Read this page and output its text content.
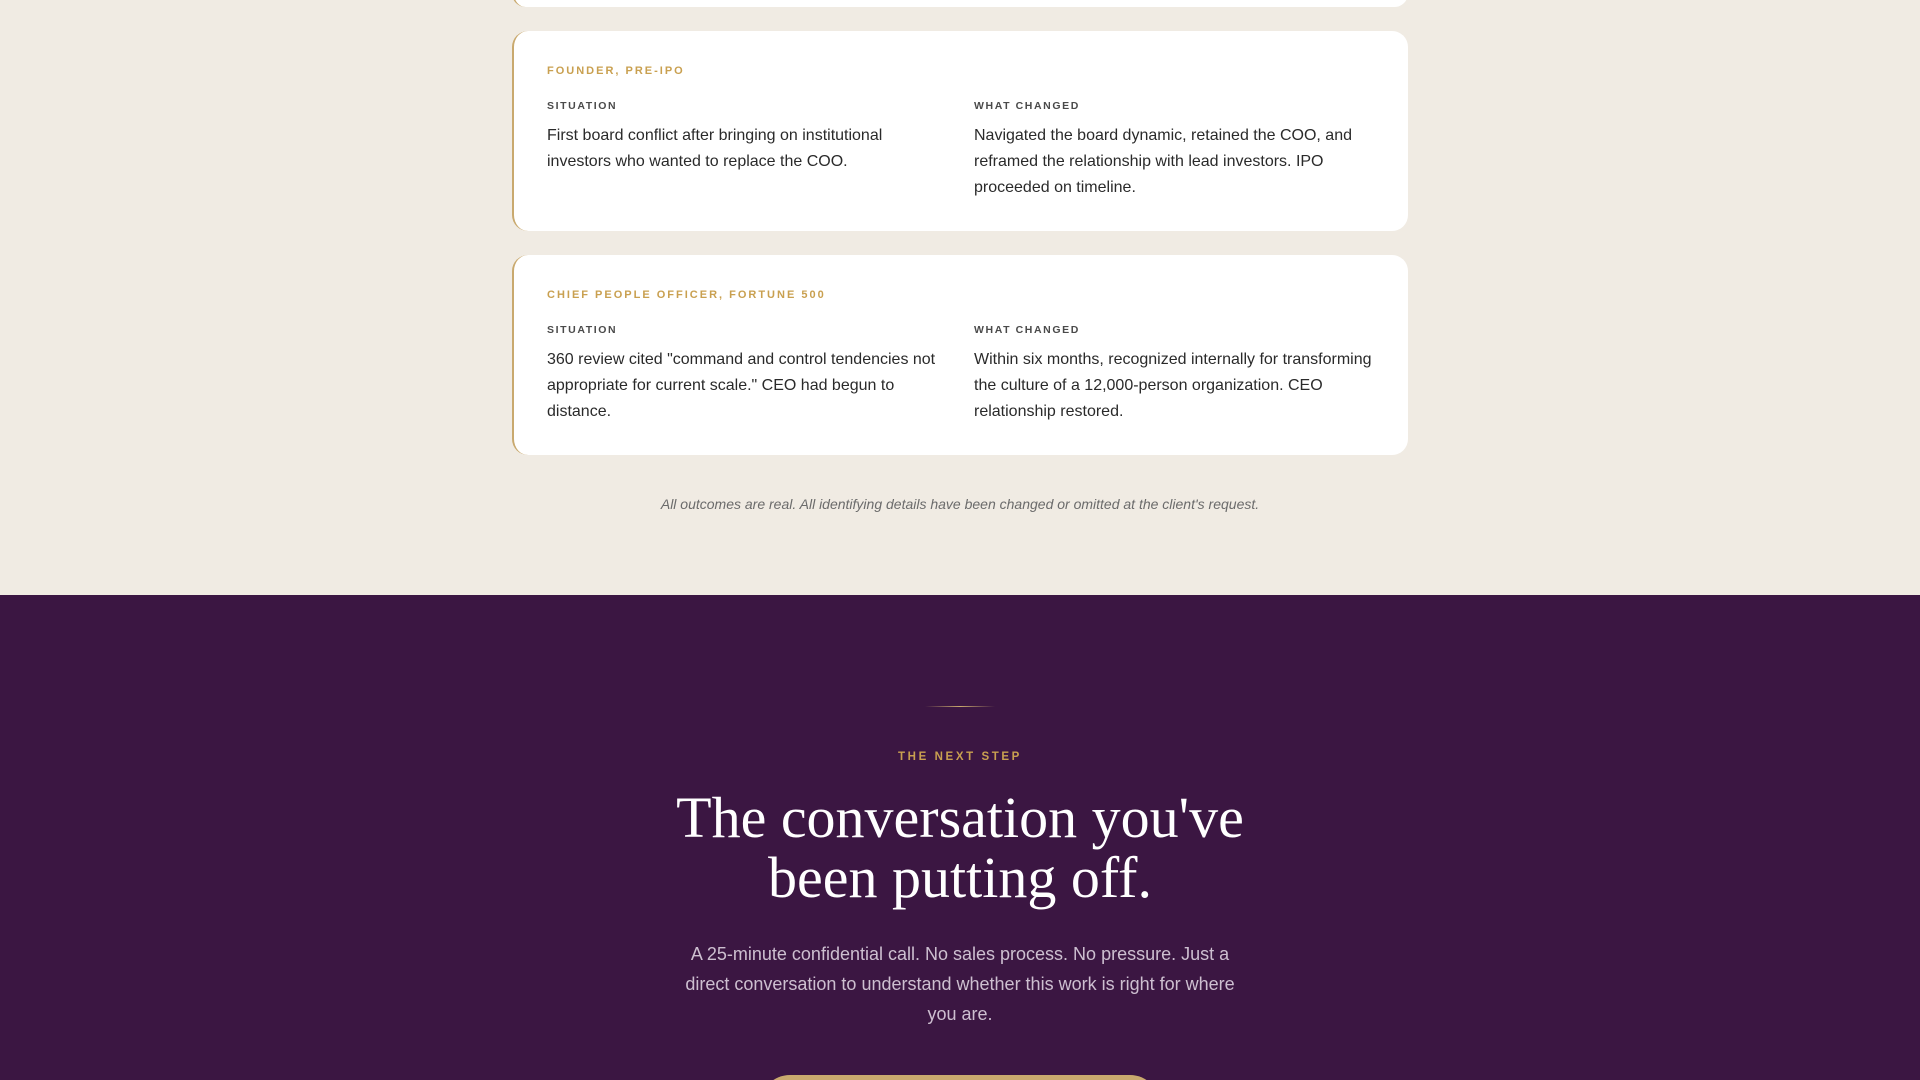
FOUNDER, PRE-IPO
SITUATION
First board conflict after bringing on institutional investors who wanted to replace the COO.
WHAT CHANGED
Navigated the board dynamic, retained the COO, and reframed the relationship with lead investors. IPO proceeded on timeline.
CHIEF PEOPLE OFFICER, FORTUNE 500
SITUATION
360 review cited "command and control tendencies not appropriate for current scale." CEO had begun to distance.
WHAT CHANGED
Within six months, recognized internally for transforming the culture of a 12,000-person organization. CEO relationship restored.

All outcomes are real. All identifying details have been changed or omitted at the client's request.

THE NEXT STEP
The conversation you've been putting off.

A 25-minute confidential call. No sales process. No pressure. Just a direct conversation to understand whether this work is right for where you are.
